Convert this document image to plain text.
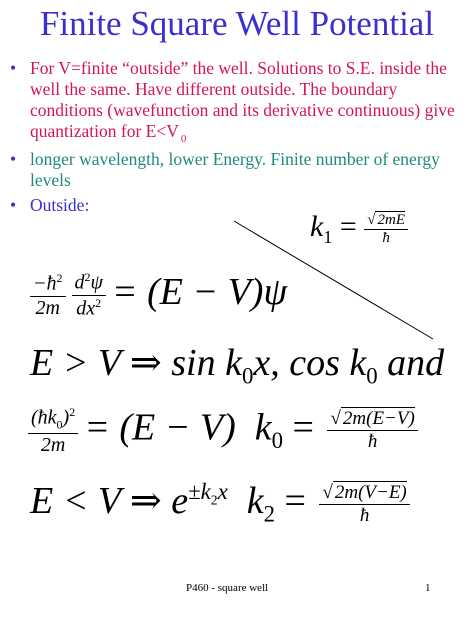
Finite Square Well Potential
• For V=finite “outside” the well. Solutions to S.E. inside the well the same. Have different outside. The boundary conditions (wavefunction and its derivative continuous) give quantization for E<V $_0$
• longer wavelength, lower Energy. Finite number of energy levels
• Outside:
$k_1 = \frac{√ 2mE}{ħ}$
$\frac{-ħ^2}{2m} \frac{d^2\psi}{dx^2} = (E - V)\psi$
E > V ⇒ $\sin k_0x$, $\cos k_0$ and
$\frac{(ħk_0)^2}{2m} = (E - V) k_0 = \frac{√ 2m(E-V)}{ħ}$
E < V ⇒ $e^{\pm k_2x}$ $k_2 = \frac{√ 2m(V-E)}{ħ}$
P460 - square well	1
